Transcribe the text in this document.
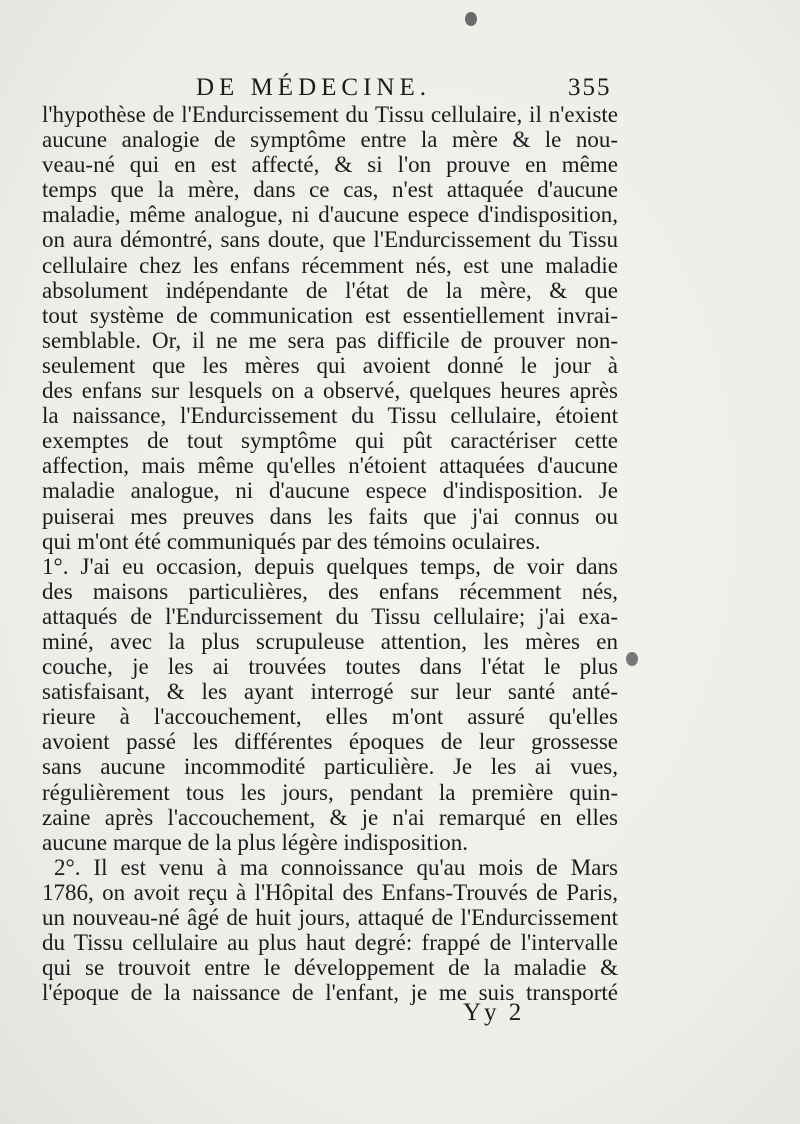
DE MÉDECINE.	355
l'hypothèse de l'Endurcissement du Tissu cellulaire, il n'existe
aucune analogie de symptôme entre la mère & le nou-
veau-né qui en est affecté, & si l'on prouve en même
temps que la mère, dans ce cas, n'est attaquée d'aucune
maladie, même analogue, ni d'aucune espece d'indisposition,
on aura démontré, sans doute, que l'Endurcissement du Tissu
cellulaire chez les enfans récemment nés, est une maladie
absolument indépendante de l'état de la mère, & que
tout système de communication est essentiellement invrai-
semblable. Or, il ne me sera pas difficile de prouver non-
seulement que les mères qui avoient donné le jour à
des enfans sur lesquels on a observé, quelques heures après
la naissance, l'Endurcissement du Tissu cellulaire, étoient
exemptes de tout symptôme qui pût caractériser cette
affection, mais même qu'elles n'étoient attaquées d'aucune
maladie analogue, ni d'aucune espece d'indisposition. Je
puiserai mes preuves dans les faits que j'ai connus ou
qui m'ont été communiqués par des témoins oculaires.
1°. J'ai eu occasion, depuis quelques temps, de voir dans
des maisons particulières, des enfans récemment nés,
attaqués de l'Endurcissement du Tissu cellulaire; j'ai exa-
miné, avec la plus scrupuleuse attention, les mères en
couche, je les ai trouvées toutes dans l'état le plus
satisfaisant, & les ayant interrogé sur leur santé anté-
rieure à l'accouchement, elles m'ont assuré qu'elles
avoient passé les différentes époques de leur grossesse
sans aucune incommodité particulière. Je les ai vues,
régulièrement tous les jours, pendant la première quin-
zaine après l'accouchement, & je n'ai remarqué en elles
aucune marque de la plus légère indisposition.
2°. Il est venu à ma connoissance qu'au mois de Mars
1786, on avoit reçu à l'Hôpital des Enfans-Trouvés de Paris,
un nouveau-né âgé de huit jours, attaqué de l'Endurcissement
du Tissu cellulaire au plus haut degré: frappé de l'intervalle
qui se trouvoit entre le développement de la maladie &
l'époque de la naissance de l'enfant, je me suis transporté
Yy 2
